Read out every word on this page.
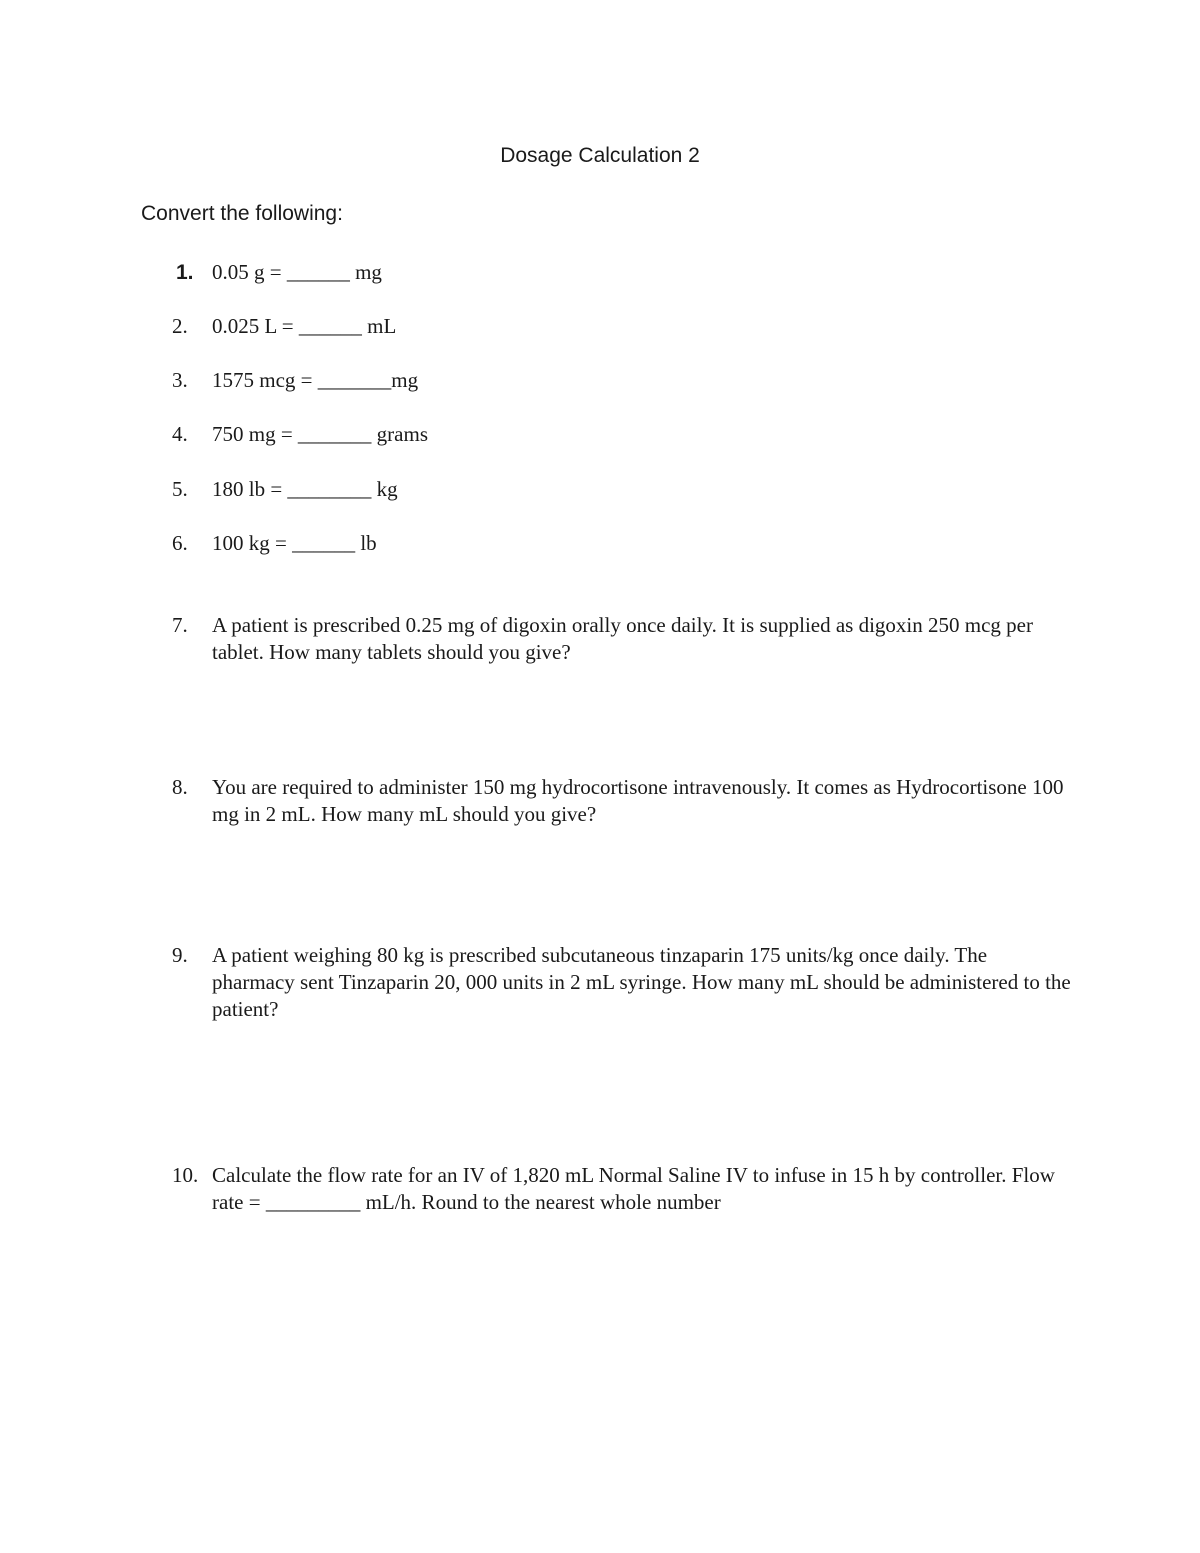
Dosage Calculation 2
Convert the following:
1. 0.05 g = ______ mg
2.	0.025 L = ______ mL
3.	1575 mcg = _______mg
4.	750 mg = _______ grams
5.	180 lb = ________ kg
6.	100 kg = ______ lb
7.	A patient is prescribed 0.25 mg of digoxin orally once daily. It is supplied as digoxin 250 mcg per tablet. How many tablets should you give?
8.	You are required to administer 150 mg hydrocortisone intravenously. It comes as Hydrocortisone 100 mg in 2 mL. How many mL should you give?
9.	A patient weighing 80 kg is prescribed subcutaneous tinzaparin 175 units/kg once daily. The pharmacy sent Tinzaparin 20, 000 units in 2 mL syringe. How many mL should be administered to the patient?
10. Calculate the flow rate for an IV of 1,820 mL Normal Saline IV to infuse in 15 h by controller. Flow rate = _________ mL/h. Round to the nearest whole number
